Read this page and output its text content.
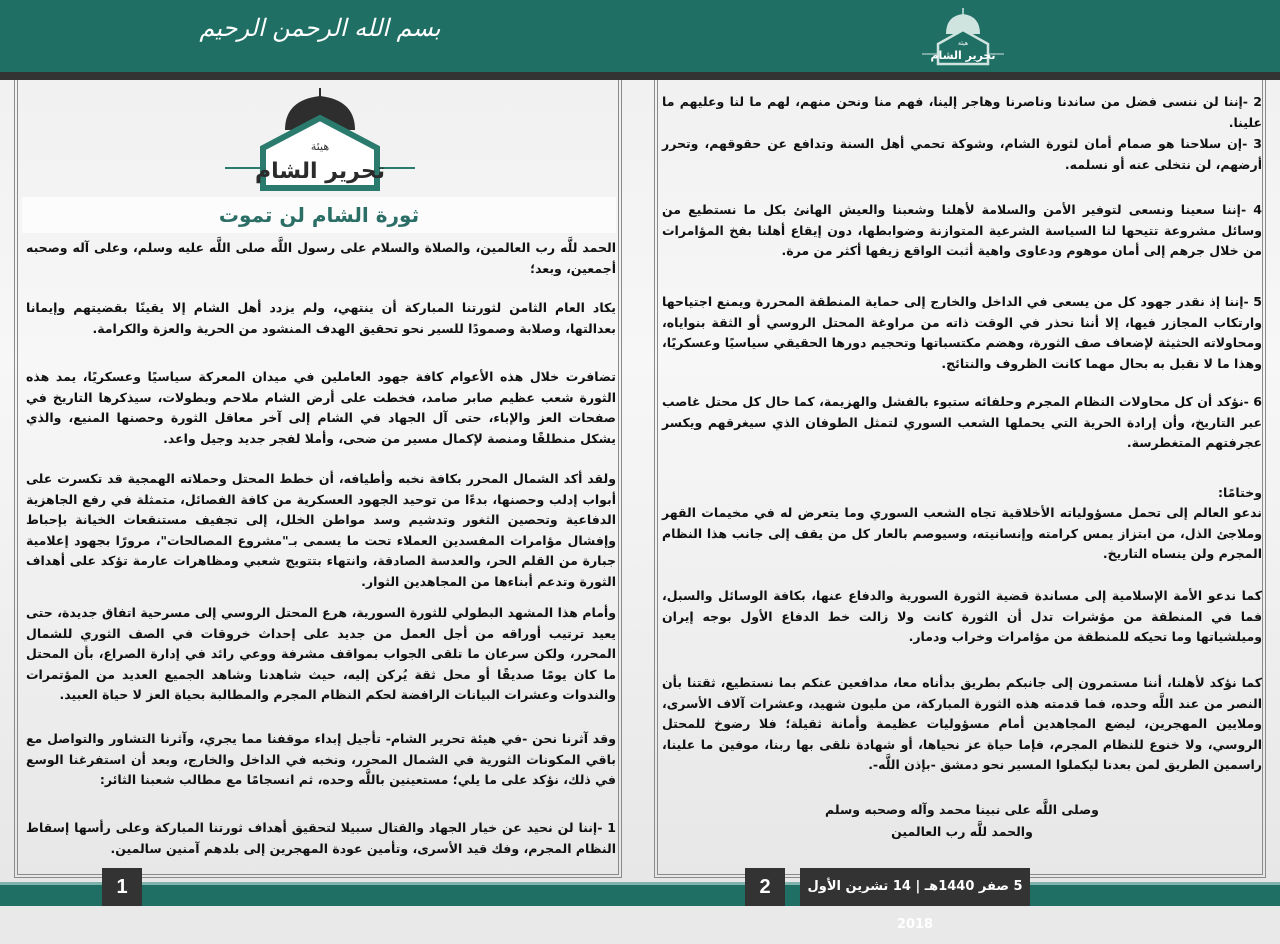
بسم الله الرحمن الرحيم
هيئة
تحرير الشام
ثورة الشام لن تموت

الحمد للَّه رب العالمين، والصلاة والسلام على رسول اللَّه صلى اللَّه عليه وسلم، وعلى آله وصحبه أجمعين، وبعد؛

يكاد العام الثامن لثورتنا المباركة أن ينتهي، ولم يزدد أهل الشام إلا يقينًا بقضيتهم وإيمانا بعدالتها، وصلابة وصمودًا للسير نحو تحقيق الهدف المنشود من الحرية والعزة والكرامة.

تضافرت خلال هذه الأعوام كافة جهود العاملين في ميدان المعركة سياسيًا وعسكريًا، يمد هذه الثورة شعب عظيم صابر صامد، فخطت على أرض الشام ملاحم وبطولات، سيذكرها التاريخ في صفحات العز والإباء، حتى آل الجهاد في الشام إلى آخر معاقل الثورة وحصنها المنيع، والذي يشكل منطلقًا ومنصة لإكمال مسير من ضحى، وأملا لفجر جديد وجيل واعد.

ولقد أكد الشمال المحرر بكافة نخبه وأطيافه، أن خطط المحتل وحملاته الهمجية قد تكسرت على أبواب إدلب وحصنها، بدءًا من توحيد الجهود العسكرية من كافة الفصائل، متمثلة في رفع الجاهزية الدفاعية وتحصين الثغور وتدشيم وسد مواطن الخلل، إلى تجفيف مستنقعات الخيانة بإحباط وإفشال مؤامرات المفسدين العملاء تحت ما يسمى بـ"مشروع المصالحات"، مرورًا بجهود إعلامية جبارة من القلم الحر، والعدسة الصادقة، وانتهاء بتتويج شعبي ومظاهرات عارمة تؤكد على أهداف الثورة وتدعم أبناءها من المجاهدين الثوار.

وأمام هذا المشهد البطولي للثورة السورية، هرع المحتل الروسي إلى مسرحية اتفاق جديدة، حتى يعيد ترتيب أوراقه من أجل العمل من جديد على إحداث خروقات في الصف الثوري للشمال المحرر، ولكن سرعان ما تلقى الجواب بمواقف مشرفة ووعي رائد في إدارة الصراع، بأن المحتل ما كان يومًا صديقًا أو محل ثقة يُركن إليه، حيث شاهدنا وشاهد الجميع العديد من المؤتمرات والندوات وعشرات البيانات الرافضة لحكم النظام المجرم والمطالبة بحياة العز لا حياة العبيد.

وقد آثرنا نحن -في هيئة تحرير الشام- تأجيل إبداء موقفنا مما يجري، وآثرنا التشاور والتواصل مع باقي المكونات الثورية في الشمال المحرر، ونخبه في الداخل والخارج، وبعد أن استفرغنا الوسع في ذلك، نؤكد على ما يلي؛ مستعينين باللَّه وحده، ثم انسجامًا مع مطالب شعبنا الثائر:

1 -إننا لن نحيد عن خيار الجهاد والقتال سبيلا لتحقيق أهداف ثورتنا المباركة وعلى رأسها إسقاط النظام المجرم، وفك قيد الأسرى، وتأمين عودة المهجرين إلى بلدهم آمنين سالمين.

1
هيئة
تحرير الشام

2 -إننا لن ننسى فضل من ساندنا وناصرنا وهاجر إلينا، فهم منا ونحن منهم، لهم ما لنا وعليهم ما علينا.

3 -إن سلاحنا هو صمام أمان لثورة الشام، وشوكة تحمي أهل السنة وتدافع عن حقوقهم، وتحرر أرضهم، لن نتخلى عنه أو نسلمه.

4 -إننا سعينا ونسعى لتوفير الأمن والسلامة لأهلنا وشعبنا والعيش الهانئ بكل ما نستطيع من وسائل مشروعة تتيحها لنا السياسة الشرعية المتوازنة وضوابطها، دون إيقاع أهلنا بفخ المؤامرات من خلال جرهم إلى أمان موهوم ودعاوى واهية أثبت الواقع زيفها أكثر من مرة.

5 -إننا إذ نقدر جهود كل من يسعى في الداخل والخارج إلى حماية المنطقة المحررة ويمنع اجتياحها وارتكاب المجازر فيها، إلا أننا نحذر في الوقت ذاته من مراوغة المحتل الروسي أو الثقة بنواياه، ومحاولاته الحثيثة لإضعاف صف الثورة، وهضم مكتسباتها وتحجيم دورها الحقيقي سياسيًا وعسكريًا، وهذا ما لا نقبل به بحال مهما كانت الظروف والنتائج.

6 -نؤكد أن كل محاولات النظام المجرم وحلفائه ستبوء بالفشل والهزيمة، كما حال كل محتل غاصب عبر التاريخ، وأن إرادة الحرية التي يحملها الشعب السوري لتمثل الطوفان الذي سيغرقهم ويكسر عجرفتهم المتغطرسة.

وختامًا:

ندعو العالم إلى تحمل مسؤولياته الأخلاقية تجاه الشعب السوري وما يتعرض له في مخيمات القهر وملاجئ الذل، من ابتزاز يمس كرامته وإنسانيته، وسيوصم بالعار كل من يقف إلى جانب هذا النظام المجرم ولن ينساه التاريخ.

كما ندعو الأمة الإسلامية إلى مساندة قضية الثورة السورية والدفاع عنها، بكافة الوسائل والسبل، فما في المنطقة من مؤشرات تدل أن الثورة كانت ولا زالت خط الدفاع الأول بوجه إيران وميلشياتها وما تحيكه للمنطقة من مؤامرات وخراب ودمار.

كما نؤكد لأهلنا، أننا مستمرون إلى جانبكم بطريق بدأناه معا، مدافعين عنكم بما نستطيع، ثقتنا بأن النصر من عند اللَّه وحده، فما قدمته هذه الثورة المباركة، من مليون شهيد، وعشرات آلاف الأسرى، وملايين المهجرين، ليضع المجاهدين أمام مسؤوليات عظيمة وأمانة ثقيلة؛ فلا رضوخ للمحتل الروسي، ولا خنوع للنظام المجرم، فإما حياة عز نحياها، أو شهادة نلقى بها ربنا، موفين ما علينا، راسمين الطريق لمن بعدنا ليكملوا المسير نحو دمشق -بإذن اللَّه-.

وصلى اللَّه على نبينا محمد وآله وصحبه وسلم

والحمد للَّه رب العالمين

2	5 صفر 1440هـ | 14 تشرين الأول 2018
